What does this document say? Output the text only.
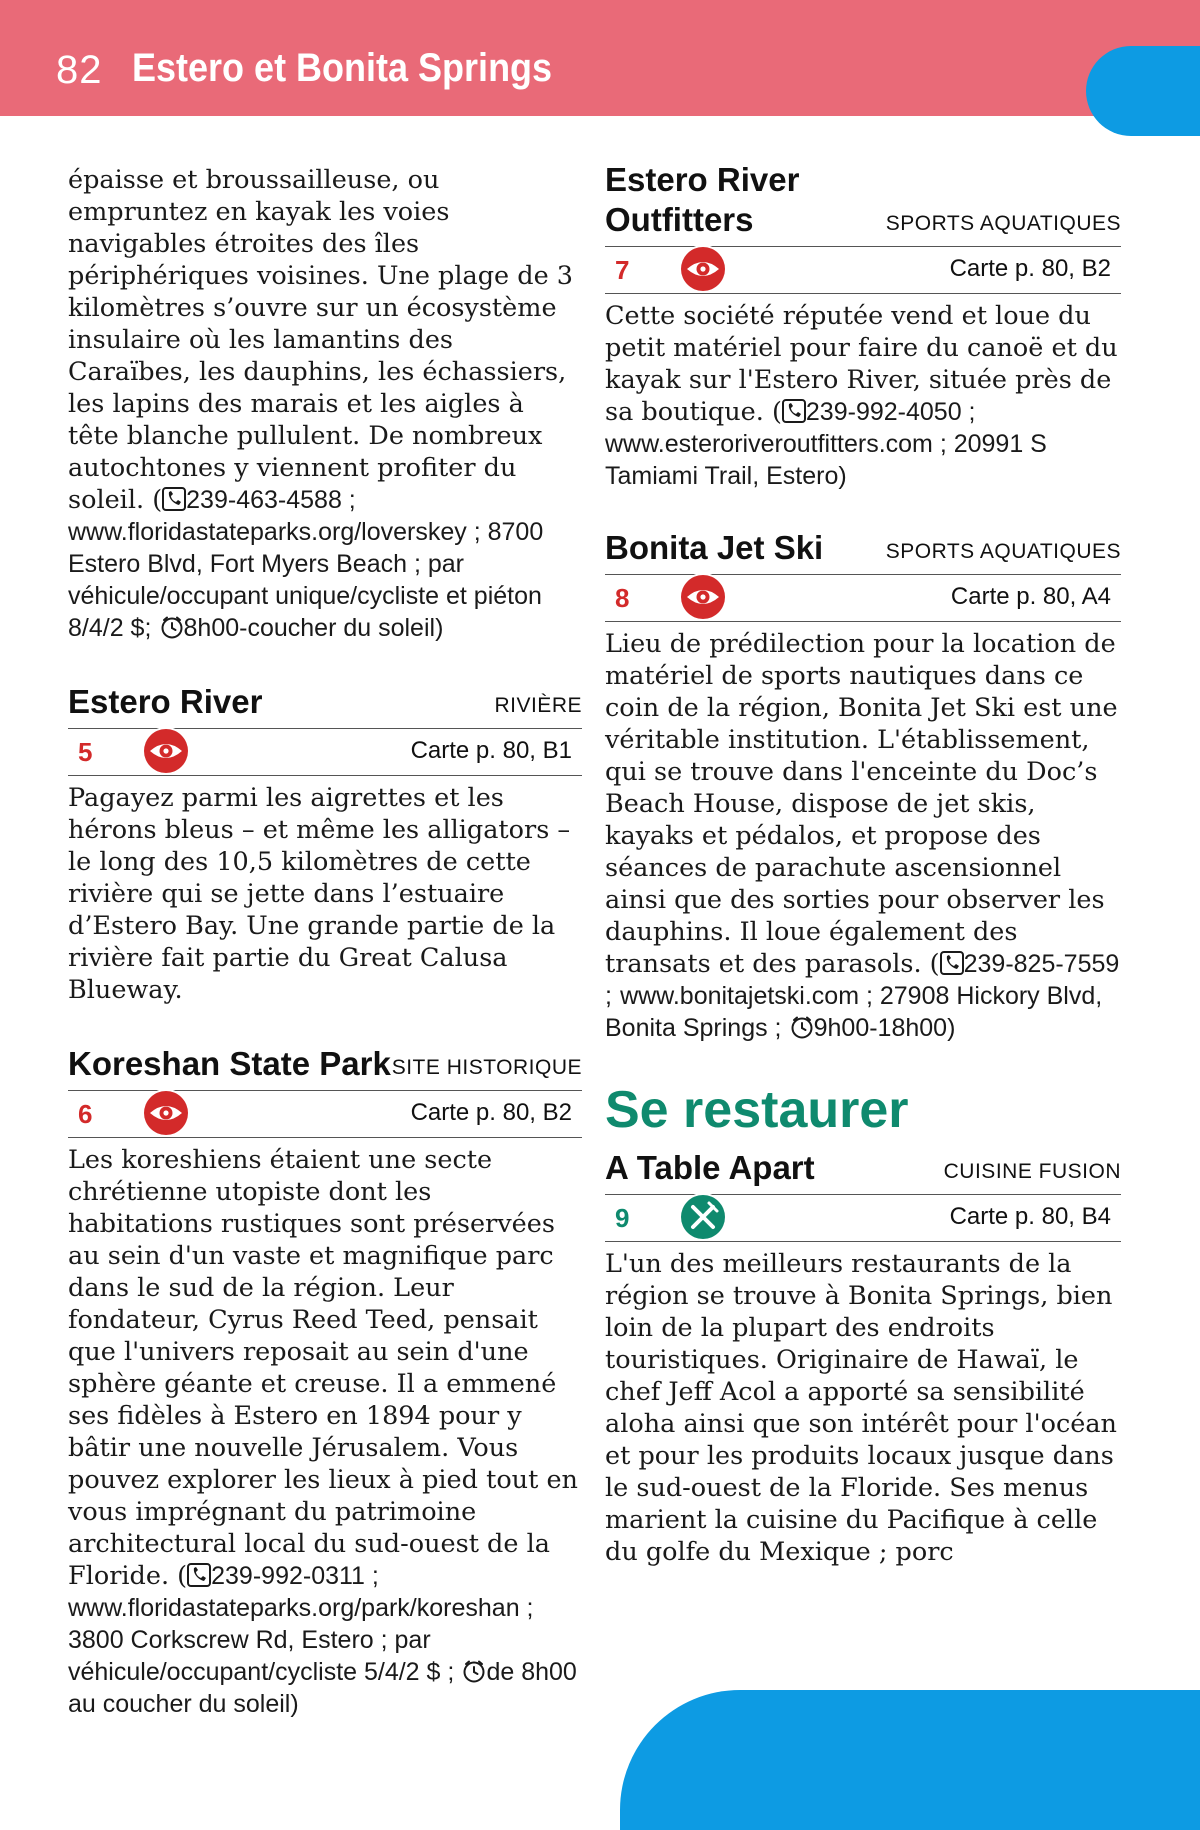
82 Estero et Bonita Springs

épaisse et broussailleuse, ou empruntez en kayak les voies navigables étroites des îles périphériques voisines. Une plage de 3 kilomètres s’ouvre sur un écosystème insulaire où les lamantins des Caraïbes, les dauphins, les échassiers, les lapins des marais et les aigles à tête blanche pullulent. De nombreux autochtones y viennent profiter du soleil. ( 239-463-4588 ; www.floridastateparks.org/loverskey ; 8700 Estero Blvd, Fort Myers Beach ; par véhicule/occupant unique/cycliste et piéton 8/4/2 $; 8h00-coucher du soleil)

Estero River	RIVIÈRE
5	Carte p. 80, B1

Pagayez parmi les aigrettes et les hérons bleus – et même les alligators – le long des 10,5 kilomètres de cette rivière qui se jette dans l’estuaire d’Estero Bay. Une grande partie de la rivière fait partie du Great Calusa Blueway.

Koreshan State Park SITE HISTORIQUE
6	Carte p. 80, B2

Les koreshiens étaient une secte chrétienne utopiste dont les habitations rustiques sont préservées au sein d'un vaste et magnifique parc dans le sud de la région. Leur fondateur, Cyrus Reed Teed, pensait que l'univers reposait au sein d'une sphère géante et creuse. Il a emmené ses fidèles à Estero en 1894 pour y bâtir une nouvelle Jérusalem. Vous pouvez explorer les lieux à pied tout en vous imprégnant du patrimoine architectural local du sud-ouest de la Floride. ( 239-992-0311 ; www.floridastateparks.org/park/koreshan ; 3800 Corkscrew Rd, Estero ; par véhicule/occupant/cycliste 5/4/2 $ ; de 8h00 au coucher du soleil)

Estero River Outfitters	SPORTS AQUATIQUES
7	Carte p. 80, B2

Cette société réputée vend et loue du petit matériel pour faire du canoë et du kayak sur l'Estero River, située près de sa boutique. ( 239-992-4050 ; www.esteroriveroutfitters.com ; 20991 S Tamiami Trail, Estero)

Bonita Jet Ski	SPORTS AQUATIQUES
8	Carte p. 80, A4

Lieu de prédilection pour la location de matériel de sports nautiques dans ce coin de la région, Bonita Jet Ski est une véritable institution. L'établissement, qui se trouve dans l'enceinte du Doc’s Beach House, dispose de jet skis, kayaks et pédalos, et propose des séances de parachute ascensionnel ainsi que des sorties pour observer les dauphins. Il loue également des transats et des parasols. ( 239-825-7559 ; www.bonitajetski.com ; 27908 Hickory Blvd, Bonita Springs ; 9h00-18h00)

Se restaurer
A Table Apart	CUISINE FUSION
9	Carte p. 80, B4

L'un des meilleurs restaurants de la région se trouve à Bonita Springs, bien loin de la plupart des endroits touristiques. Originaire de Hawaï, le chef Jeff Acol a apporté sa sensibilité aloha ainsi que son intérêt pour l'océan et pour les produits locaux jusque dans le sud-ouest de la Floride. Ses menus marient la cuisine du Pacifique à celle du golfe du Mexique ; porc
